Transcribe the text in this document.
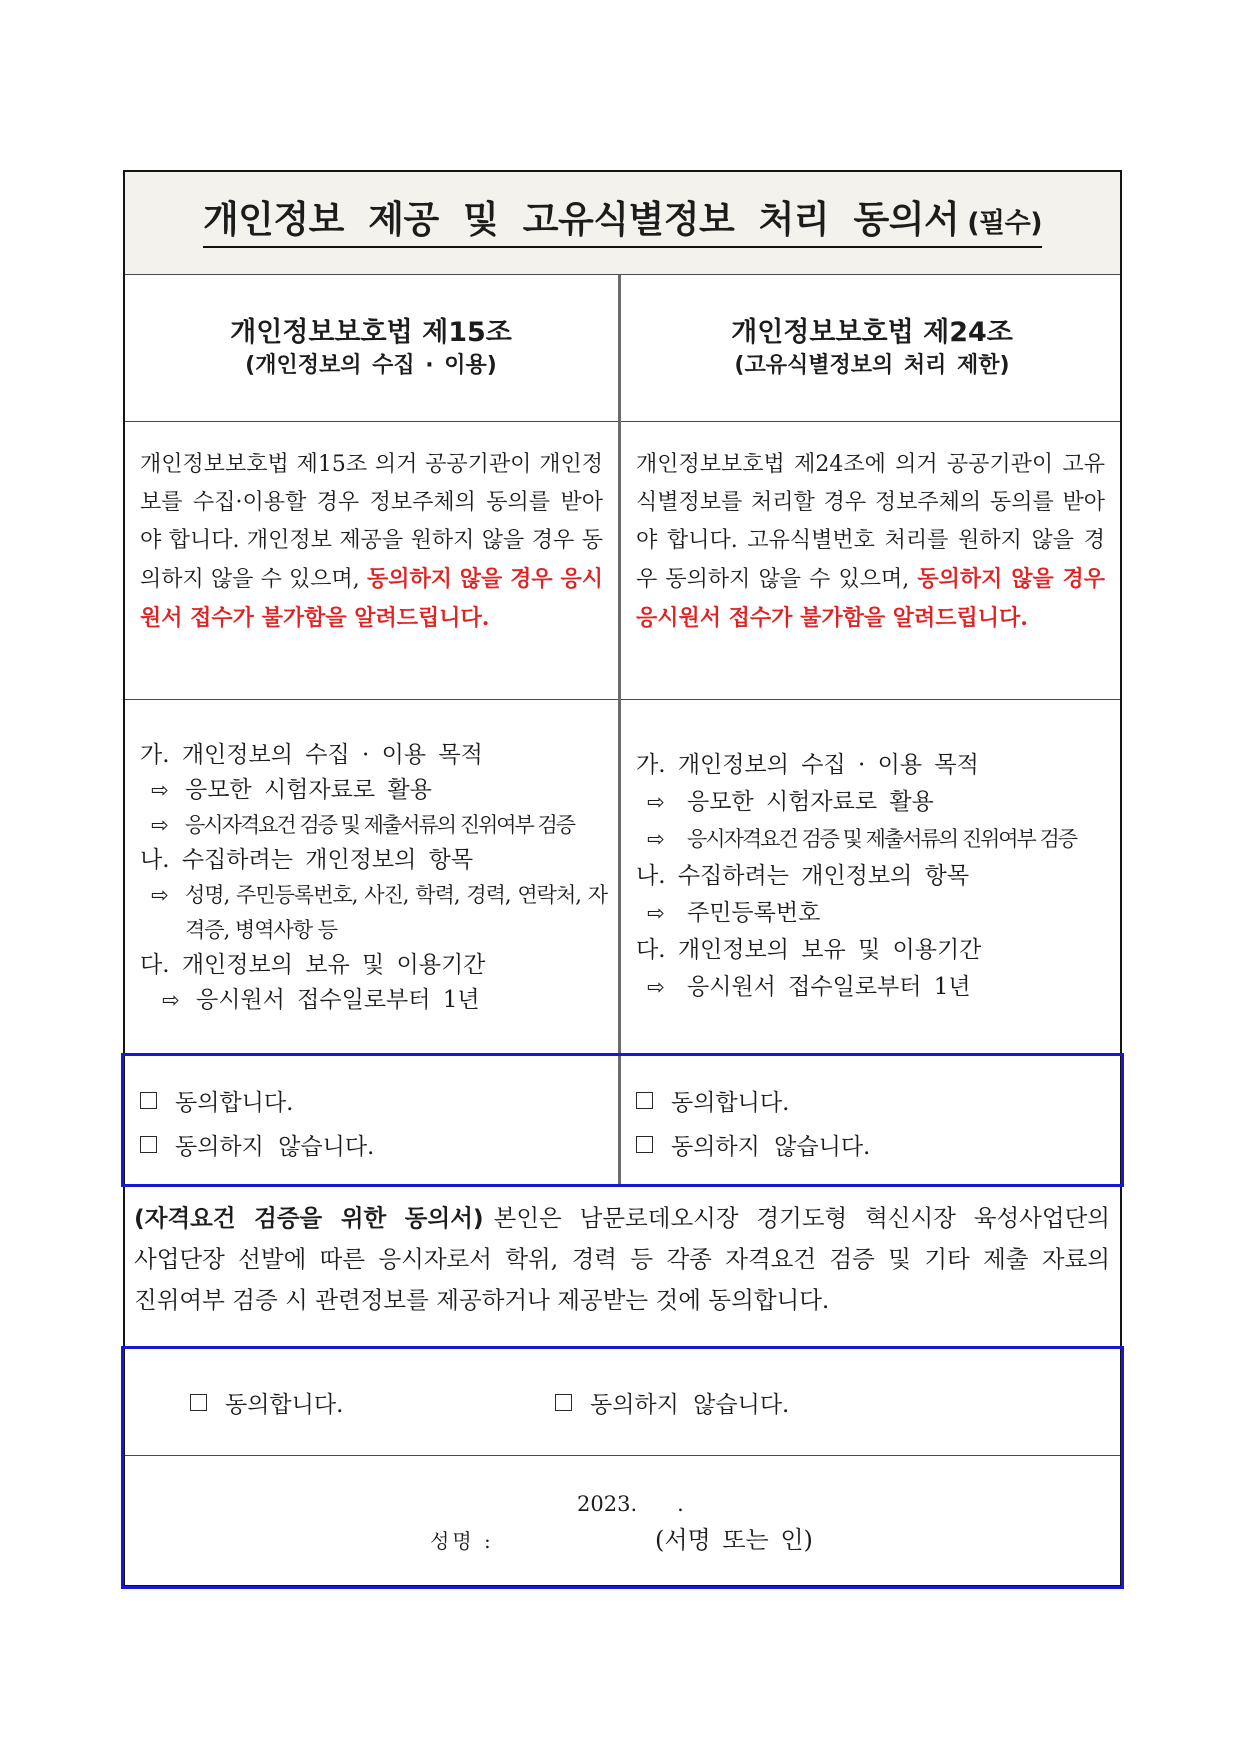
개인정보 제공 및 고유식별정보 처리 동의서 (필수)
개인정보보호법 제15조
(개인정보의 수집 · 이용)
개인정보보호법 제24조
(고유식별정보의 처리 제한)

개인정보보호법 제15조 의거 공공기관이 개인정보를 수집·이용할 경우 정보주체의 동의를 받아야 합니다. 개인정보 제공을 원하지 않을 경우 동의하지 않을 수 있으며, 동의하지 않을 경우 응시원서 접수가 불가함을 알려드립니다.

개인정보보호법 제24조에 의거 공공기관이 고유식별정보를 처리할 경우 정보주체의 동의를 받아야 합니다. 고유식별번호 처리를 원하지 않을 경우 동의하지 않을 수 있으며, 동의하지 않을 경우 응시원서 접수가 불가함을 알려드립니다.

가. 개인정보의 수집 · 이용 목적
⇨
응모한 시험자료로 활용
⇨
응시자격요건 검증 및 제출서류의 진위여부 검증
나. 수집하려는 개인정보의 항목
⇨
성명, 주민등록번호, 사진, 학력, 경력, 연락처, 자격증, 병역사항 등
다. 개인정보의 보유 및 이용기간
⇨
응시원서 접수일로부터 1년
가. 개인정보의 수집 · 이용 목적
⇨
응모한 시험자료로 활용
⇨
응시자격요건 검증 및 제출서류의 진위여부 검증
나. 수집하려는 개인정보의 항목
⇨
주민등록번호
다. 개인정보의 보유 및 이용기간
⇨
응시원서 접수일로부터 1년
동의합니다.
동의하지 않습니다.
동의합니다.
동의하지 않습니다.
(자격요건 검증을 위한 동의서) 본인은 남문로데오시장 경기도형 혁신시장 육성사업단의 사업단장 선발에 따른 응시자로서 학위, 경력 등 각종 자격요건 검증 및 기타 제출 자료의 진위여부 검증 시 관련정보를 제공하거나 제공받는 것에 동의합니다.
동의합니다.	동의하지 않습니다.
2023.      .
성명 :	(서명 또는 인)
